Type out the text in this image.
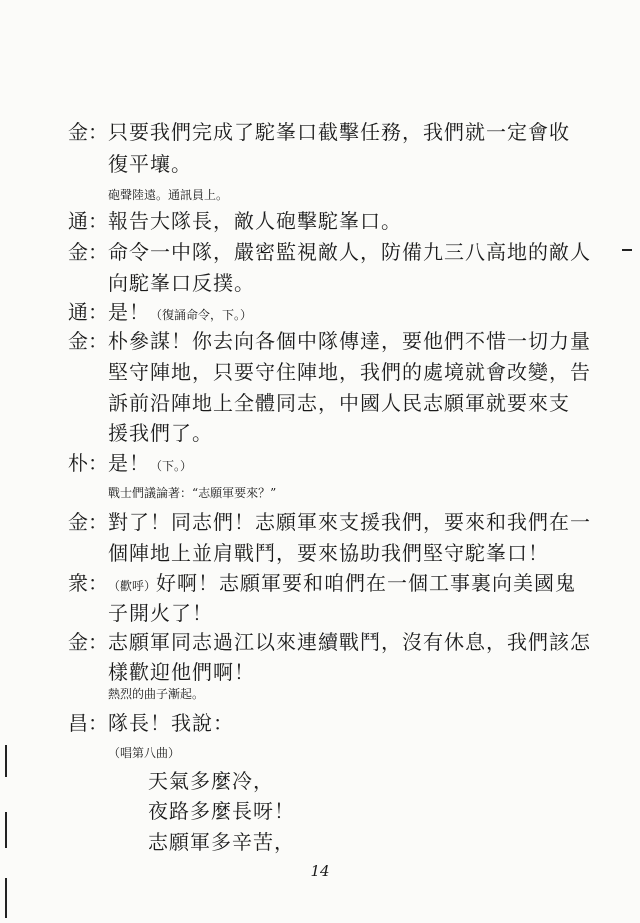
金： 只要我們完成了駝峯口截擊任務，我們就一定會收
復平壤。
砲聲陸遠。通訊員上。
通： 報告大隊長，敵人砲擊駝峯口。
金： 命令一中隊，嚴密監視敵人，防備九三八高地的敵人
向駝峯口反撲。
通： 是！（復誦命令，下。）
金： 朴參謀！你去向各個中隊傳達，要他們不惜一切力量
堅守陣地，只要守住陣地，我們的處境就會改變，告
訴前沿陣地上全體同志，中國人民志願軍就要來支
援我們了。
朴： 是！（下。）
戰士們議論著：“志願軍要來？”
金： 對了！同志們！志願軍來支援我們，要來和我們在一
個陣地上並肩戰鬥，要來協助我們堅守駝峯口！
衆： （歡呼）好啊！志願軍要和咱們在一個工事裏向美國鬼
子開火了！
金： 志願軍同志過江以來連續戰鬥，沒有休息，我們該怎
樣歡迎他們啊！
熱烈的曲子漸起。
昌： 隊長！我說：
（唱第八曲）
天氣多麼冷，
夜路多麼長呀！
志願軍多辛苦，
14
